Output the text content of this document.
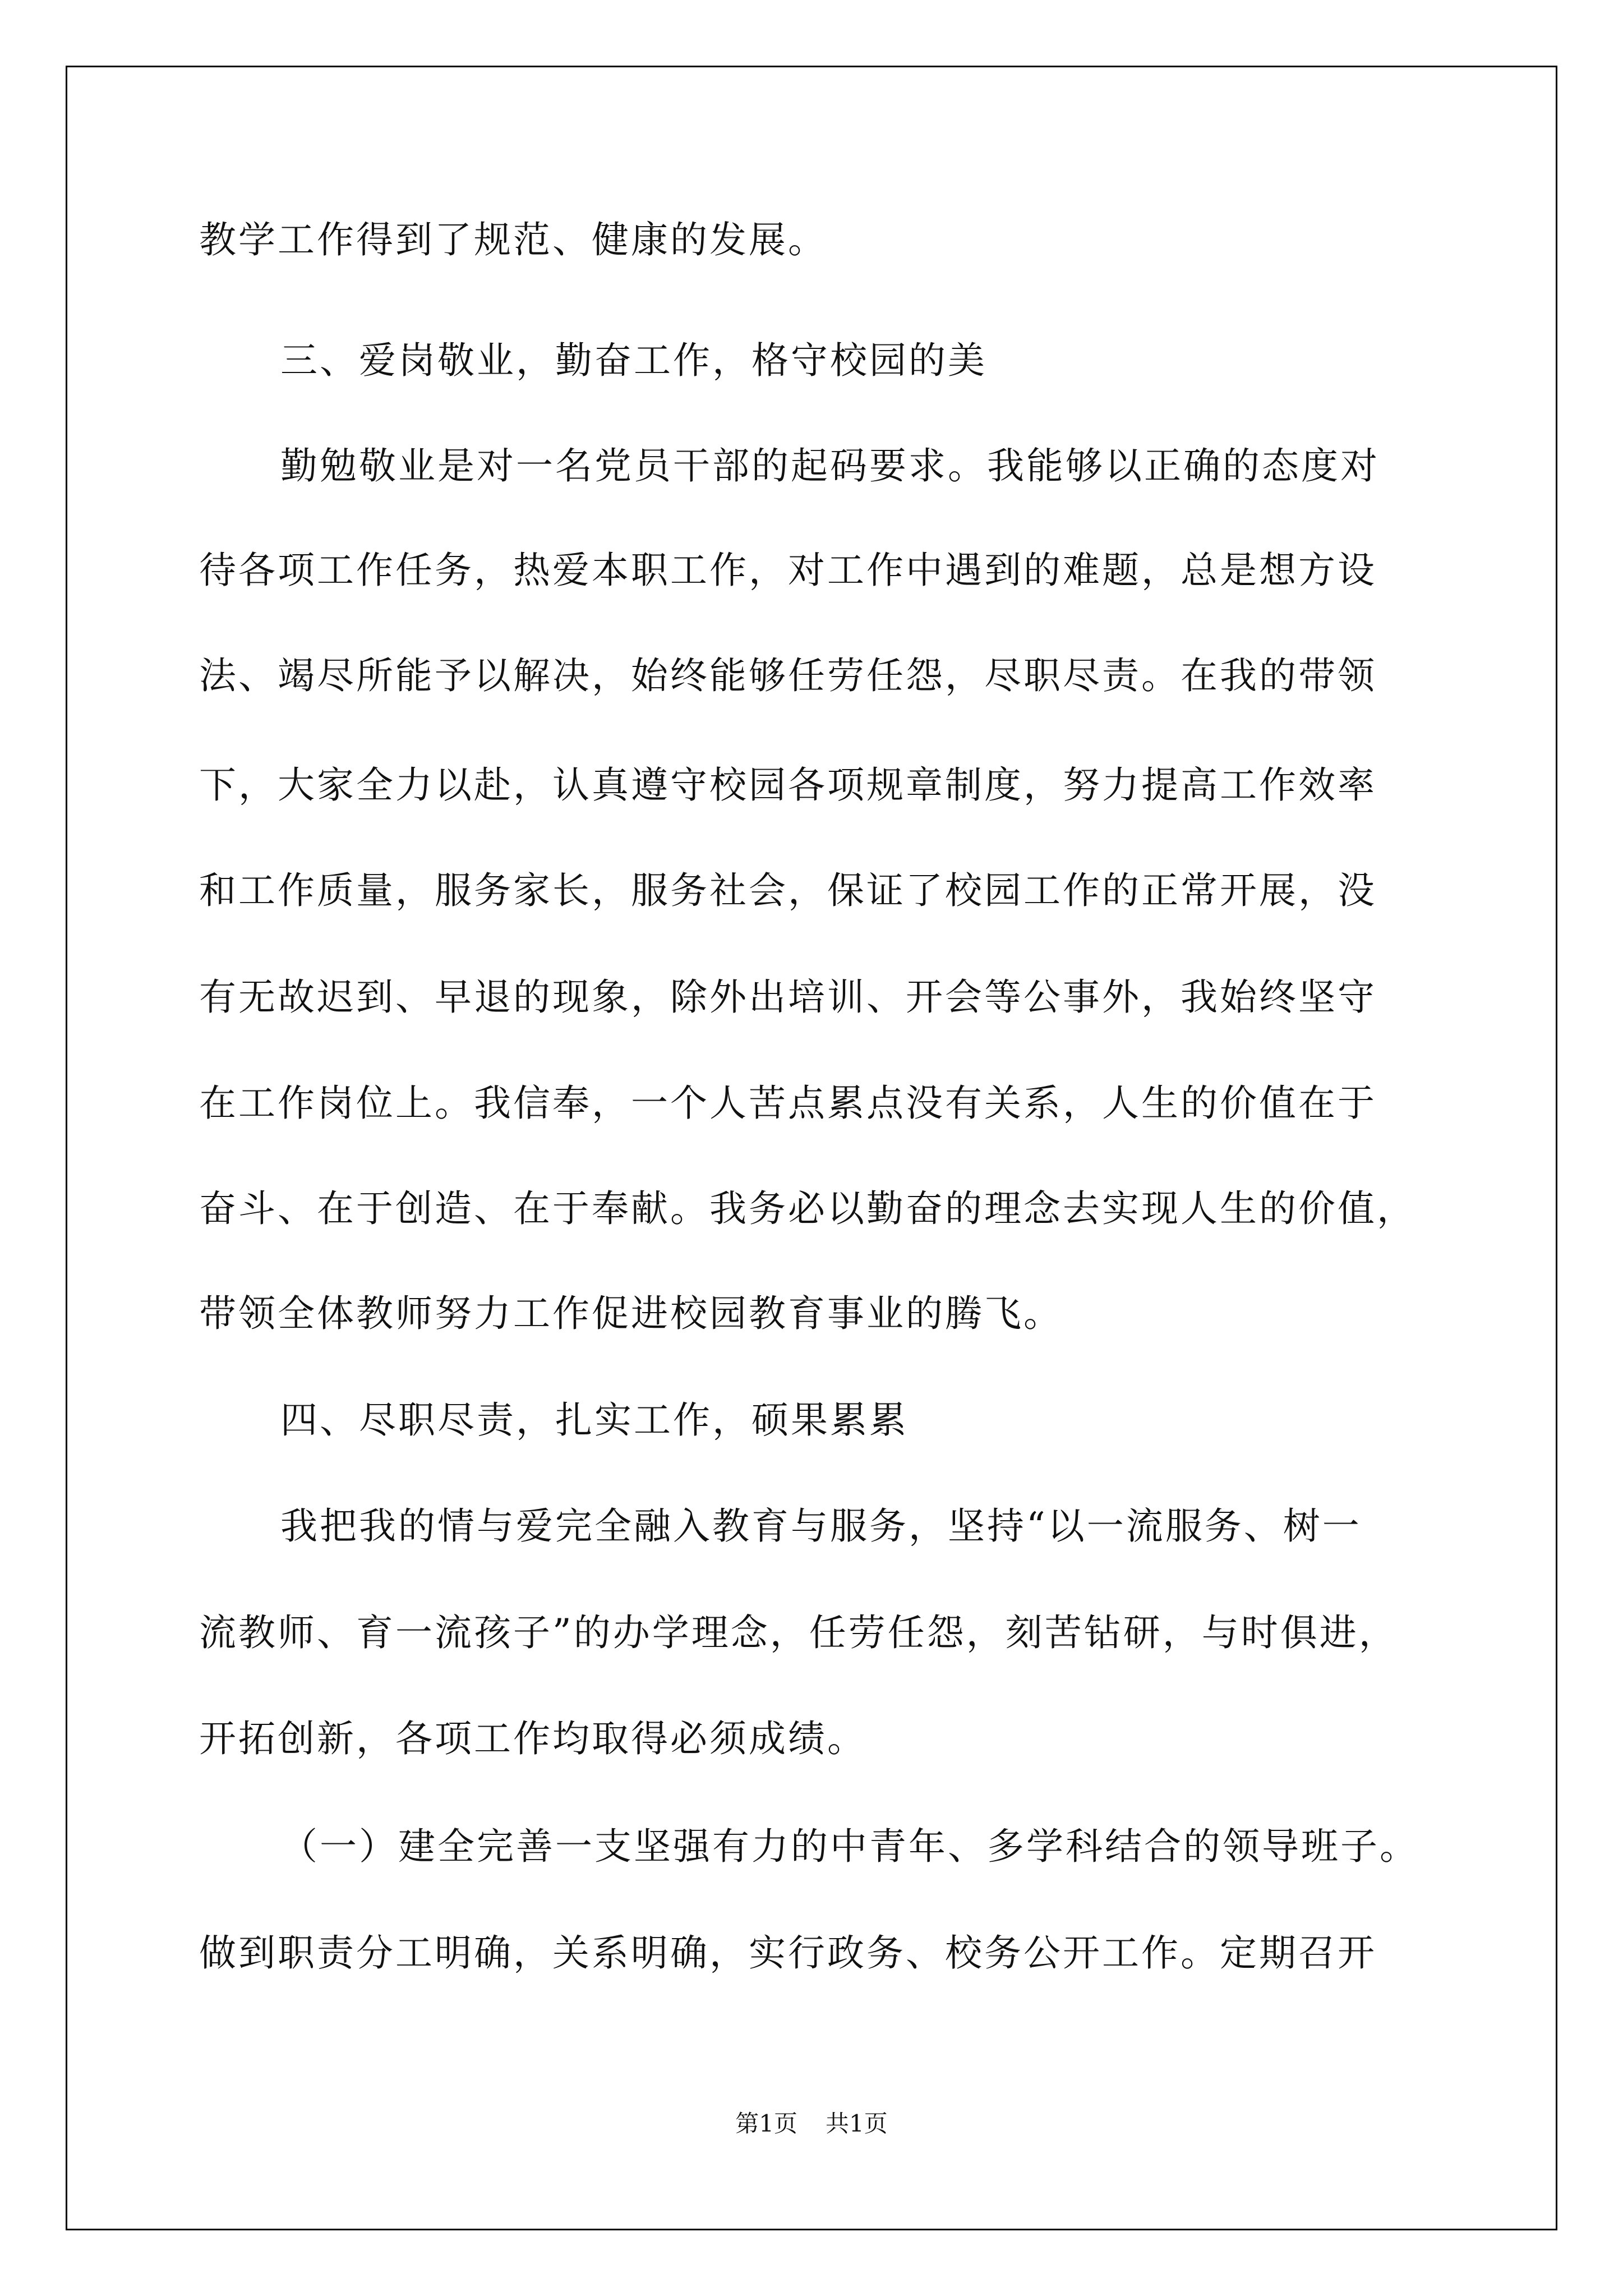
教学工作得到了规范、健康的发展。
三、爱岗敬业，勤奋工作，格守校园的美
勤勉敬业是对一名党员干部的起码要求。我能够以正确的态度对
待各项工作任务，热爱本职工作，对工作中遇到的难题，总是想方设
法、竭尽所能予以解决，始终能够任劳任怨，尽职尽责。在我的带领
下，大家全力以赴，认真遵守校园各项规章制度，努力提高工作效率
和工作质量，服务家长，服务社会，保证了校园工作的正常开展，没
有无故迟到、早退的现象，除外出培训、开会等公事外，我始终坚守
在工作岗位上。我信奉，一个人苦点累点没有关系，人生的价值在于
奋斗、在于创造、在于奉献。我务必以勤奋的理念去实现人生的价值，
带领全体教师努力工作促进校园教育事业的腾飞。
四、尽职尽责，扎实工作，硕果累累
我把我的情与爱完全融入教育与服务，坚持“以一流服务、树一
流教师、育一流孩子”的办学理念，任劳任怨，刻苦钻研，与时俱进，
开拓创新，各项工作均取得必须成绩。
（一）建全完善一支坚强有力的中青年、多学科结合的领导班子。
做到职责分工明确，关系明确，实行政务、校务公开工作。定期召开
第1页 共1页
